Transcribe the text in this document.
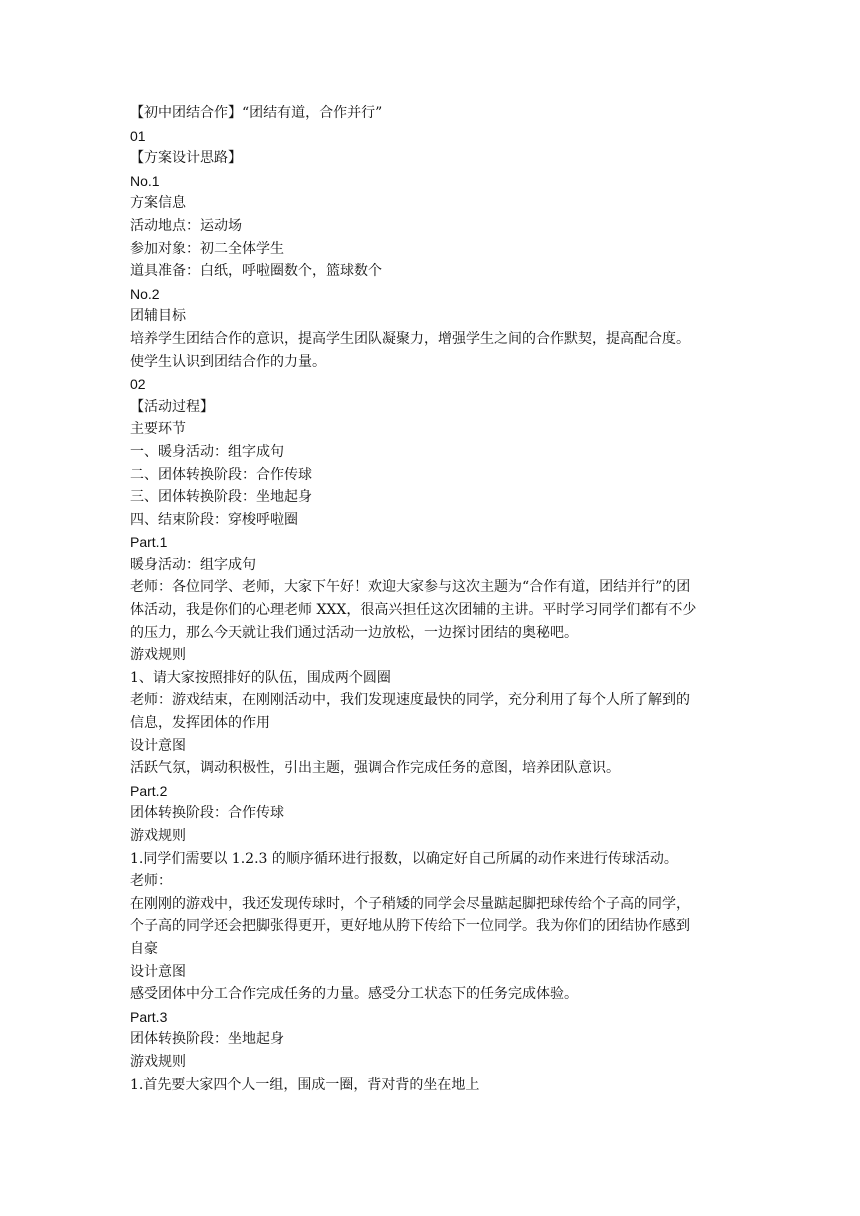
【初中团结合作】“团结有道，合作并行”
01
【方案设计思路】
No.1
方案信息
活动地点：运动场
参加对象：初二全体学生
道具准备：白纸，呼啦圈数个，篮球数个
No.2
团辅目标
培养学生团结合作的意识，提高学生团队凝聚力，增强学生之间的合作默契，提高配合度。
使学生认识到团结合作的力量。
02
【活动过程】
主要环节
一、暖身活动：组字成句
二、团体转换阶段：合作传球
三、团体转换阶段：坐地起身
四、结束阶段：穿梭呼啦圈
Part.1
暖身活动：组字成句
老师：各位同学、老师，大家下午好！欢迎大家参与这次主题为“合作有道，团结并行”的团
体活动，我是你们的心理老师 XXX，很高兴担任这次团辅的主讲。平时学习同学们都有不少
的压力，那么今天就让我们通过活动一边放松，一边探讨团结的奥秘吧。
游戏规则
1、请大家按照排好的队伍，围成两个圆圈
老师：游戏结束，在刚刚活动中，我们发现速度最快的同学，充分利用了每个人所了解到的
信息，发挥团体的作用
设计意图
活跃气氛，调动积极性，引出主题，强调合作完成任务的意图，培养团队意识。
Part.2
团体转换阶段：合作传球
游戏规则
1.同学们需要以 1.2.3 的顺序循环进行报数，以确定好自己所属的动作来进行传球活动。
老师：
在刚刚的游戏中，我还发现传球时，个子稍矮的同学会尽量踮起脚把球传给个子高的同学，
个子高的同学还会把脚张得更开，更好地从胯下传给下一位同学。我为你们的团结协作感到
自豪
设计意图
感受团体中分工合作完成任务的力量。感受分工状态下的任务完成体验。
Part.3
团体转换阶段：坐地起身
游戏规则
1.首先要大家四个人一组，围成一圈，背对背的坐在地上
